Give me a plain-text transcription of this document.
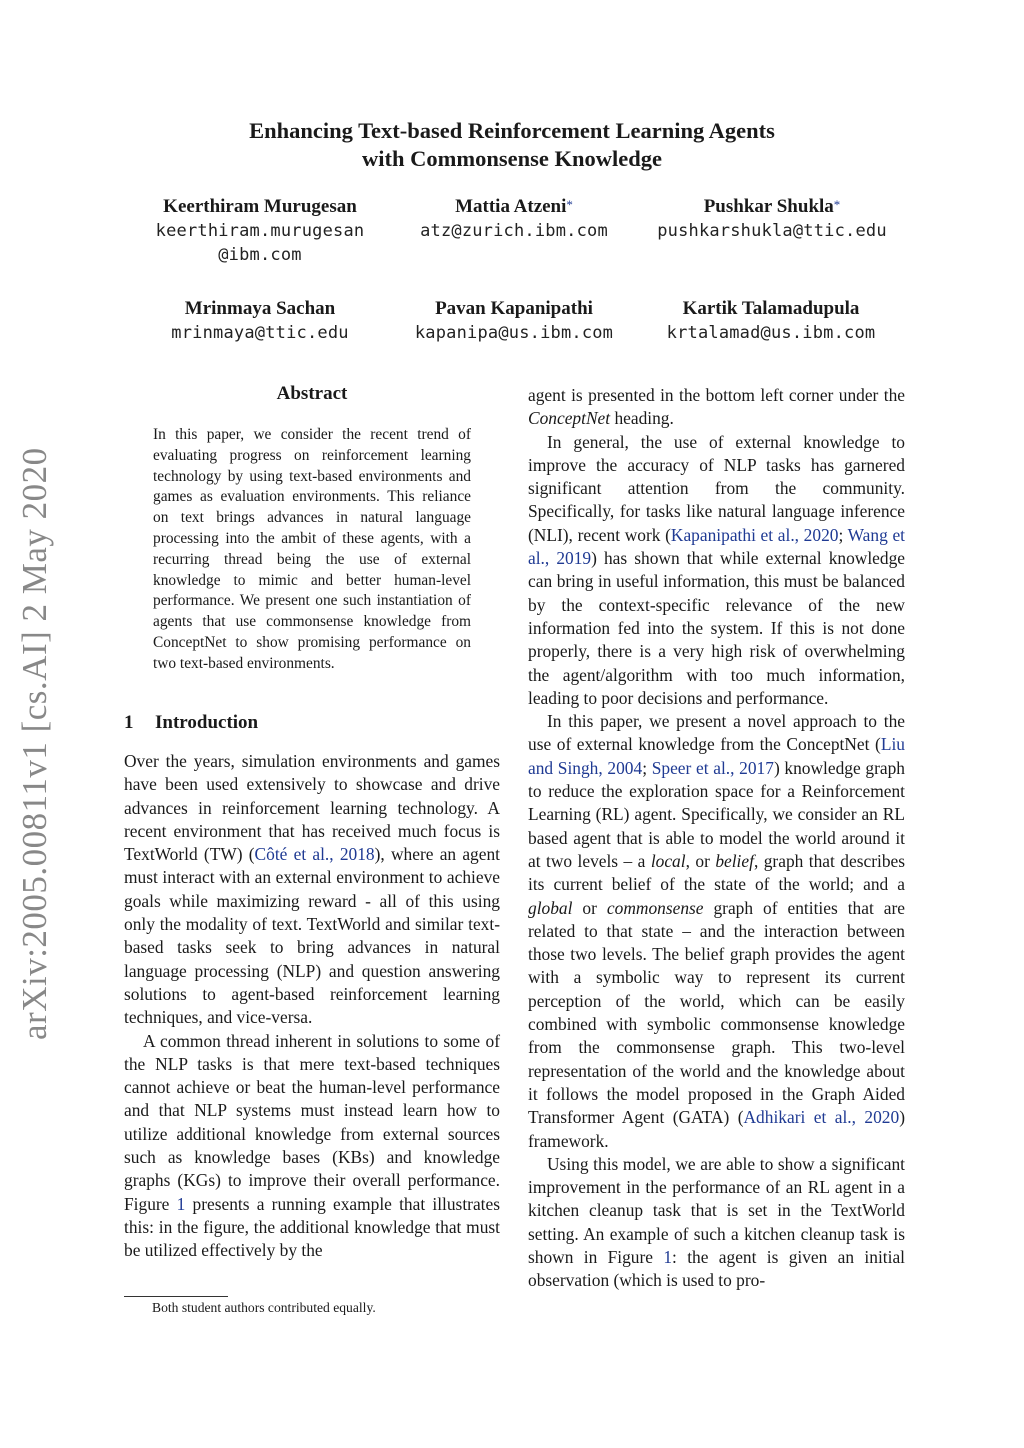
Enhancing Text-based Reinforcement Learning Agents
with Commonsense Knowledge
Keerthiram Murugesan
keerthiram.murugesan
@ibm.com
Mattia Atzeni*
atz@zurich.ibm.com
Pushkar Shukla*
pushkarshukla@ttic.edu
Mrinmaya Sachan
mrinmaya@ttic.edu
Pavan Kapanipathi
kapanipa@us.ibm.com
Kartik Talamadupula
krtalamad@us.ibm.com
arXiv:2005.00811v1 [cs.AI] 2 May 2020
Abstract
In this paper, we consider the recent trend of evaluating progress on reinforcement learning technology by using text-based environments and games as evaluation environments. This reliance on text brings advances in natural language processing into the ambit of these agents, with a recurring thread being the use of external knowledge to mimic and better human-level performance. We present one such instantiation of agents that use commonsense knowledge from ConceptNet to show promising performance on two text-based environments.
1 Introduction

Over the years, simulation environments and games have been used extensively to showcase and drive advances in reinforcement learning technology. A recent environment that has received much focus is TextWorld (TW) (Côté et al., 2018), where an agent must interact with an external environment to achieve goals while maximizing reward - all of this using only the modality of text. TextWorld and similar text-based tasks seek to bring advances in natural language processing (NLP) and question answering solutions to agent-based reinforcement learning techniques, and vice-versa.

A common thread inherent in solutions to some of the NLP tasks is that mere text-based techniques cannot achieve or beat the human-level performance and that NLP systems must instead learn how to utilize additional knowledge from external sources such as knowledge bases (KBs) and knowledge graphs (KGs) to improve their overall performance. Figure 1 presents a running example that illustrates this: in the figure, the additional knowledge that must be utilized effectively by the

agent is presented in the bottom left corner under the ConceptNet heading.

In general, the use of external knowledge to improve the accuracy of NLP tasks has garnered significant attention from the community. Specifically, for tasks like natural language inference (NLI), recent work (Kapanipathi et al., 2020; Wang et al., 2019) has shown that while external knowledge can bring in useful information, this must be balanced by the context-specific relevance of the new information fed into the system. If this is not done properly, there is a very high risk of overwhelming the agent/algorithm with too much information, leading to poor decisions and performance.

In this paper, we present a novel approach to the use of external knowledge from the ConceptNet (Liu and Singh, 2004; Speer et al., 2017) knowledge graph to reduce the exploration space for a Reinforcement Learning (RL) agent. Specifically, we consider an RL based agent that is able to model the world around it at two levels – a local, or belief, graph that describes its current belief of the state of the world; and a global or commonsense graph of entities that are related to that state – and the interaction between those two levels. The belief graph provides the agent with a symbolic way to represent its current perception of the world, which can be easily combined with symbolic commonsense knowledge from the commonsense graph. This two-level representation of the world and the knowledge about it follows the model proposed in the Graph Aided Transformer Agent (GATA) (Adhikari et al., 2020) framework.

Using this model, we are able to show a significant improvement in the performance of an RL agent in a kitchen cleanup task that is set in the TextWorld setting. An example of such a kitchen cleanup task is shown in Figure 1: the agent is given an initial observation (which is used to pro-

Both student authors contributed equally.
